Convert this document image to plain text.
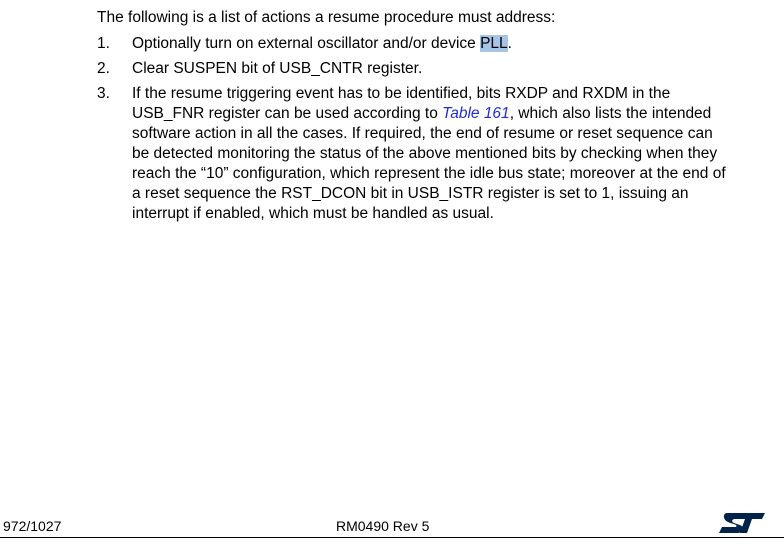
The following is a list of actions a resume procedure must address:
1.	Optionally turn on external oscillator and/or device PLL.
2.	Clear SUSPEN bit of USB_CNTR register.
3.	If the resume triggering event has to be identified, bits RXDP and RXDM in the
USB_FNR register can be used according to Table 161, which also lists the intended
software action in all the cases. If required, the end of resume or reset sequence can
be detected monitoring the status of the above mentioned bits by checking when they
reach the “10” configuration, which represent the idle bus state; moreover at the end of
a reset sequence the RST_DCON bit in USB_ISTR register is set to 1, issuing an
interrupt if enabled, which must be handled as usual.
972/1027	RM0490 Rev 5
